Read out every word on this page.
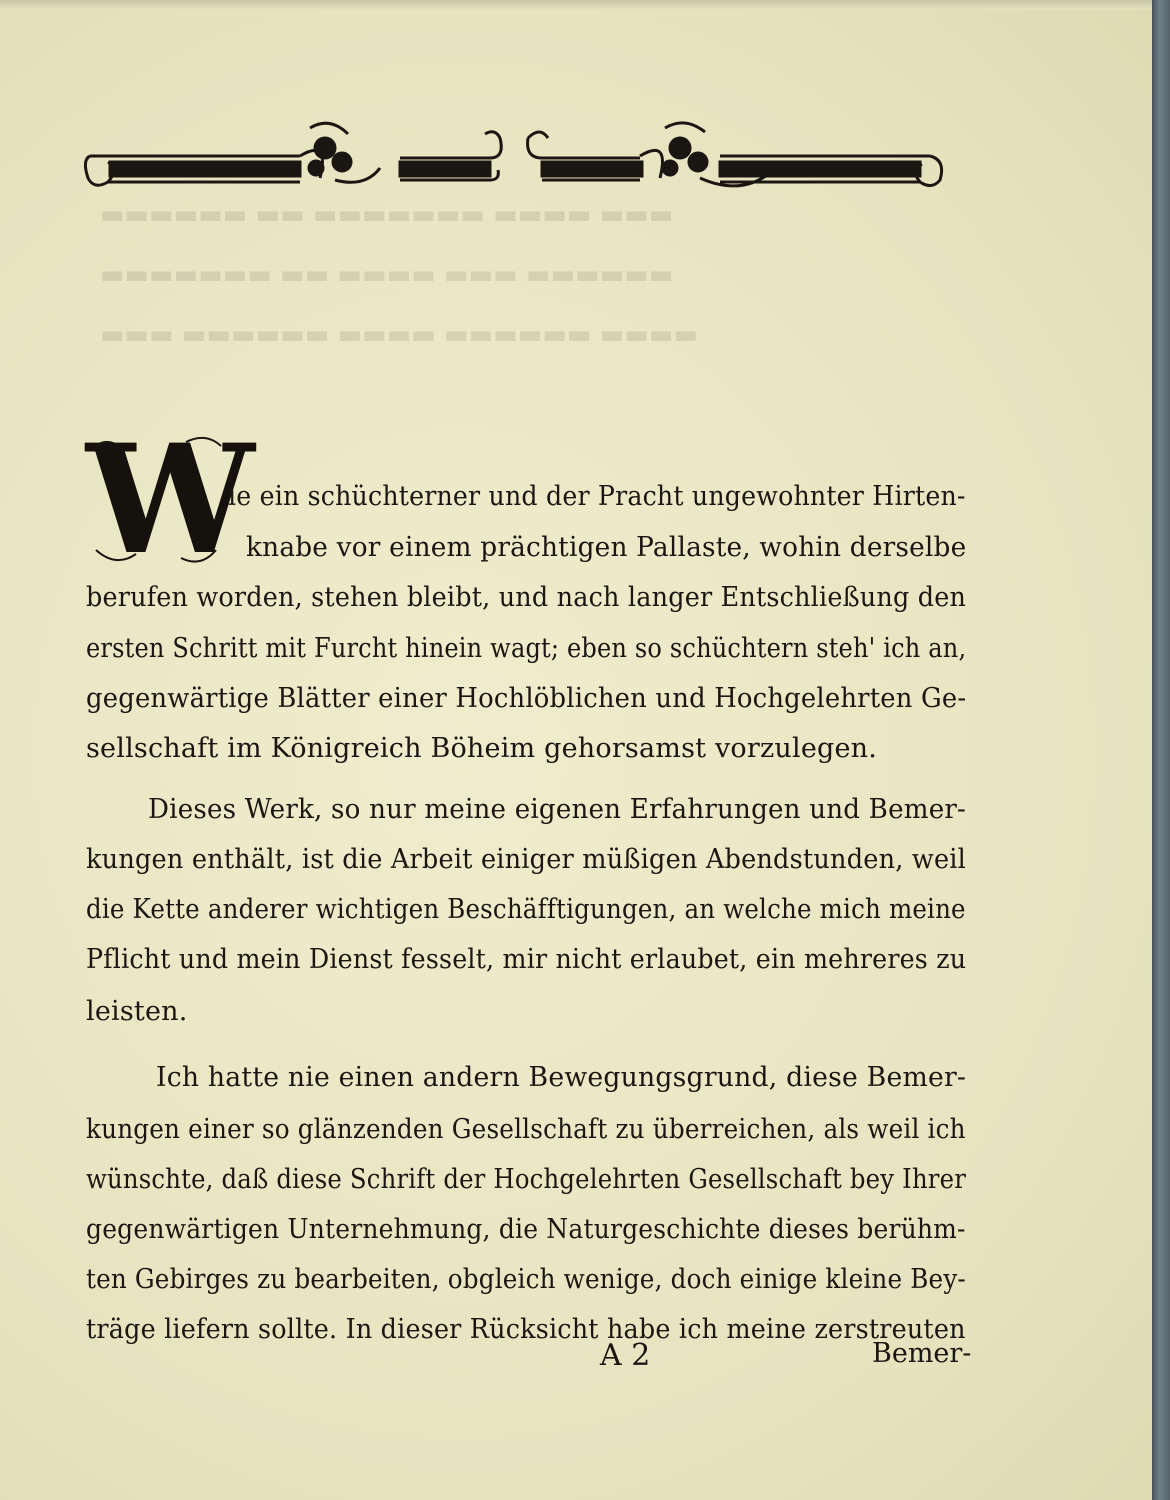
▬▬▬ ▬▬▬▬ ▬▬▬▬▬▬▬ ▬▬ ▬▬▬▬▬▬
▬▬▬▬▬▬ ▬▬▬ ▬▬▬▬ ▬▬ ▬▬▬▬▬▬▬
▬▬▬▬ ▬▬▬▬▬▬ ▬▬▬▬ ▬▬▬▬▬▬ ▬▬▬
W
ie ein schüchterner und der Pracht ungewohnter Hirten-
knabe vor einem prächtigen Pallaste, wohin derselbe
berufen worden, stehen bleibt, und nach langer Entschließung den
ersten Schritt mit Furcht hinein wagt; eben so schüchtern steh' ich an,
gegenwärtige Blätter einer Hochlöblichen und Hochgelehrten Ge-
sellschaft im Königreich Böheim gehorsamst vorzulegen.
Dieses Werk, so nur meine eigenen Erfahrungen und Bemer-
kungen enthält, ist die Arbeit einiger müßigen Abendstunden, weil
die Kette anderer wichtigen Beschäfftigungen, an welche mich meine
Pflicht und mein Dienst fesselt, mir nicht erlaubet, ein mehreres zu
leisten.
Ich hatte nie einen andern Bewegungsgrund, diese Bemer-
kungen einer so glänzenden Gesellschaft zu überreichen, als weil ich
wünschte, daß diese Schrift der Hochgelehrten Gesellschaft bey Ihrer
gegenwärtigen Unternehmung, die Naturgeschichte dieses berühm-
ten Gebirges zu bearbeiten, obgleich wenige, doch einige kleine Bey-
träge liefern sollte. In dieser Rücksicht habe ich meine zerstreuten
A 2	Bemer-
